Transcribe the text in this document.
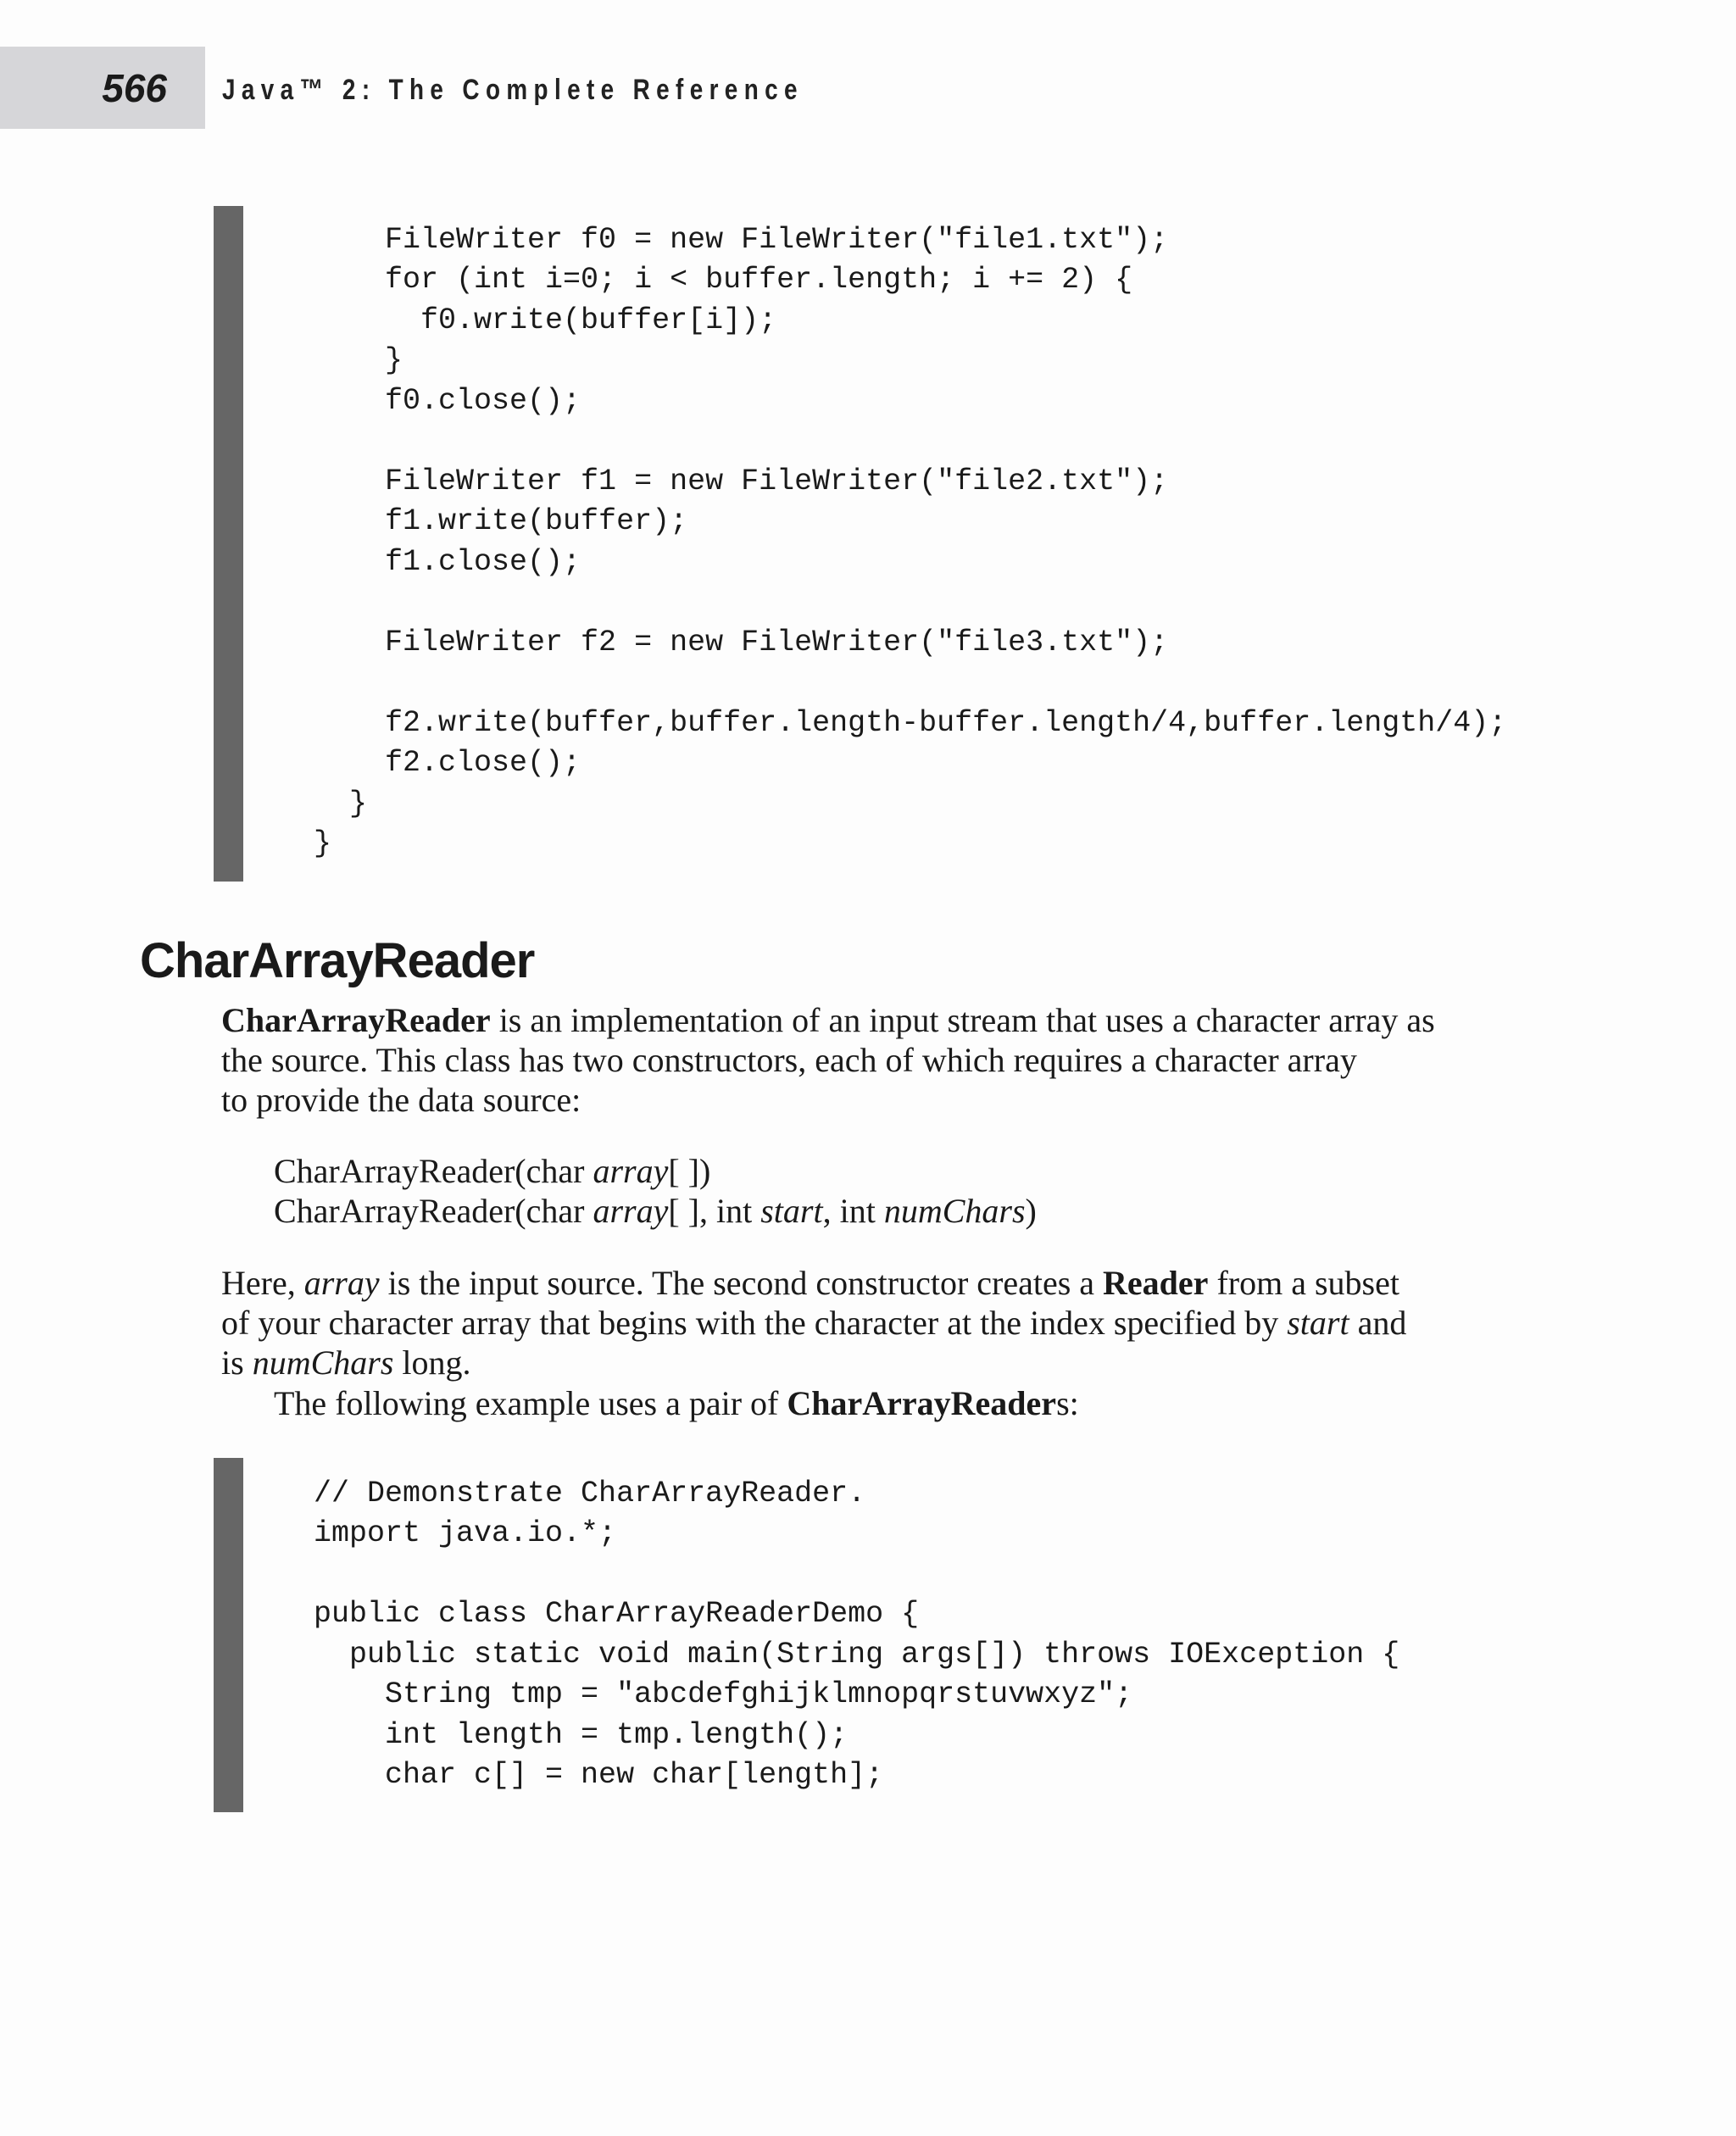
566 Java™ 2: The Complete Reference
FileWriter f0 = new FileWriter("file1.txt");
for (int i=0; i < buffer.length; i += 2) {
f0.write(buffer[i]);
}
f0.close();
FileWriter f1 = new FileWriter("file2.txt");
f1.write(buffer);
f1.close();
FileWriter f2 = new FileWriter("file3.txt");
f2.write(buffer,buffer.length-buffer.length/4,buffer.length/4);
f2.close();
}
}
CharArrayReader
CharArrayReader is an implementation of an input stream that uses a character array as
the source. This class has two constructors, each of which requires a character array
to provide the data source:
CharArrayReader(char array[ ])
CharArrayReader(char array[ ], int start, int numChars)
Here, array is the input source. The second constructor creates a Reader from a subset
of your character array that begins with the character at the index specified by start and
is numChars long.
The following example uses a pair of CharArrayReaders:
// Demonstrate CharArrayReader.
import java.io.*;
public class CharArrayReaderDemo {
public static void main(String args[]) throws IOException {
String tmp = "abcdefghijklmnopqrstuvwxyz";
int length = tmp.length();
char c[] = new char[length];
